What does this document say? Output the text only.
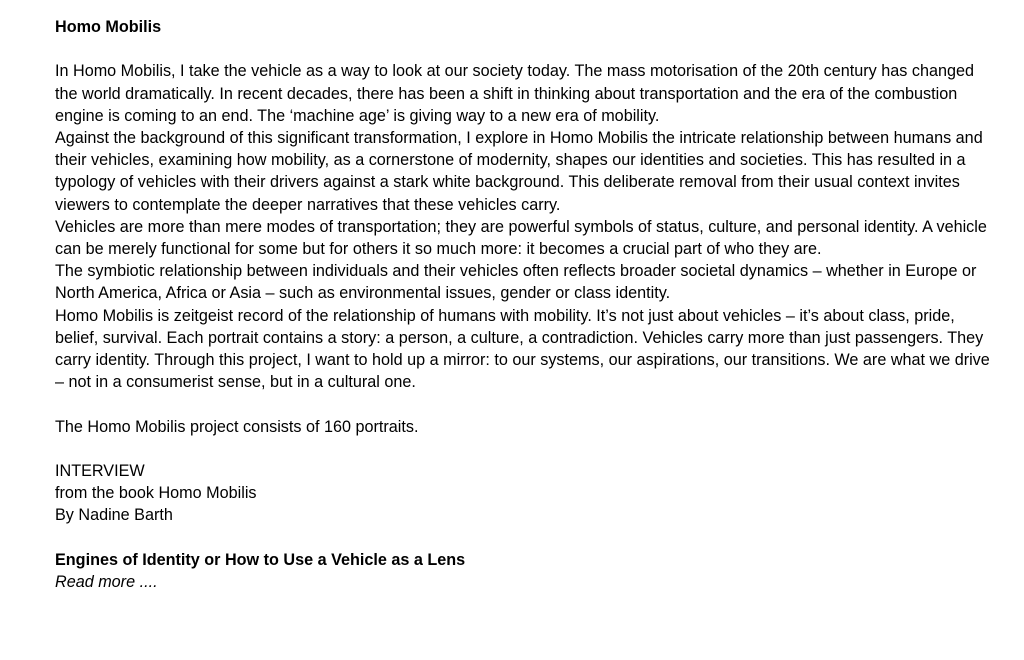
Homo Mobilis

In Homo Mobilis, I take the vehicle as a way to look at our society today. The mass motorisation of the 20th century has changed the world dramatically. In recent decades, there has been a shift in thinking about transportation and the era of the combustion engine is coming to an end. The ‘machine age’ is giving way to a new era of mobility.

Against the background of this significant transformation, I explore in Homo Mobilis the intricate relationship between humans and their vehicles, examining how mobility, as a cornerstone of modernity, shapes our identities and societies. This has resulted in a typology of vehicles with their drivers against a stark white background. This deliberate removal from their usual context invites viewers to contemplate the deeper narratives that these vehicles carry.

Vehicles are more than mere modes of transportation; they are powerful symbols of status, culture, and personal identity. A vehicle can be merely functional for some but for others it so much more: it becomes a crucial part of who they are.

The symbiotic relationship between individuals and their vehicles often reflects broader societal dynamics – whether in Europe or North America, Africa or Asia – such as environmental issues, gender or class identity.

Homo Mobilis is zeitgeist record of the relationship of humans with mobility. It’s not just about vehicles – it’s about class, pride, belief, survival. Each portrait contains a story: a person, a culture, a contradiction. Vehicles carry more than just passengers. They carry identity. Through this project, I want to hold up a mirror: to our systems, our aspirations, our transitions. We are what we drive – not in a consumerist sense, but in a cultural one.

The Homo Mobilis project consists of 160 portraits.

INTERVIEW

from the book Homo Mobilis

By Nadine Barth

Engines of Identity or How to Use a Vehicle as a Lens

Read more ....
